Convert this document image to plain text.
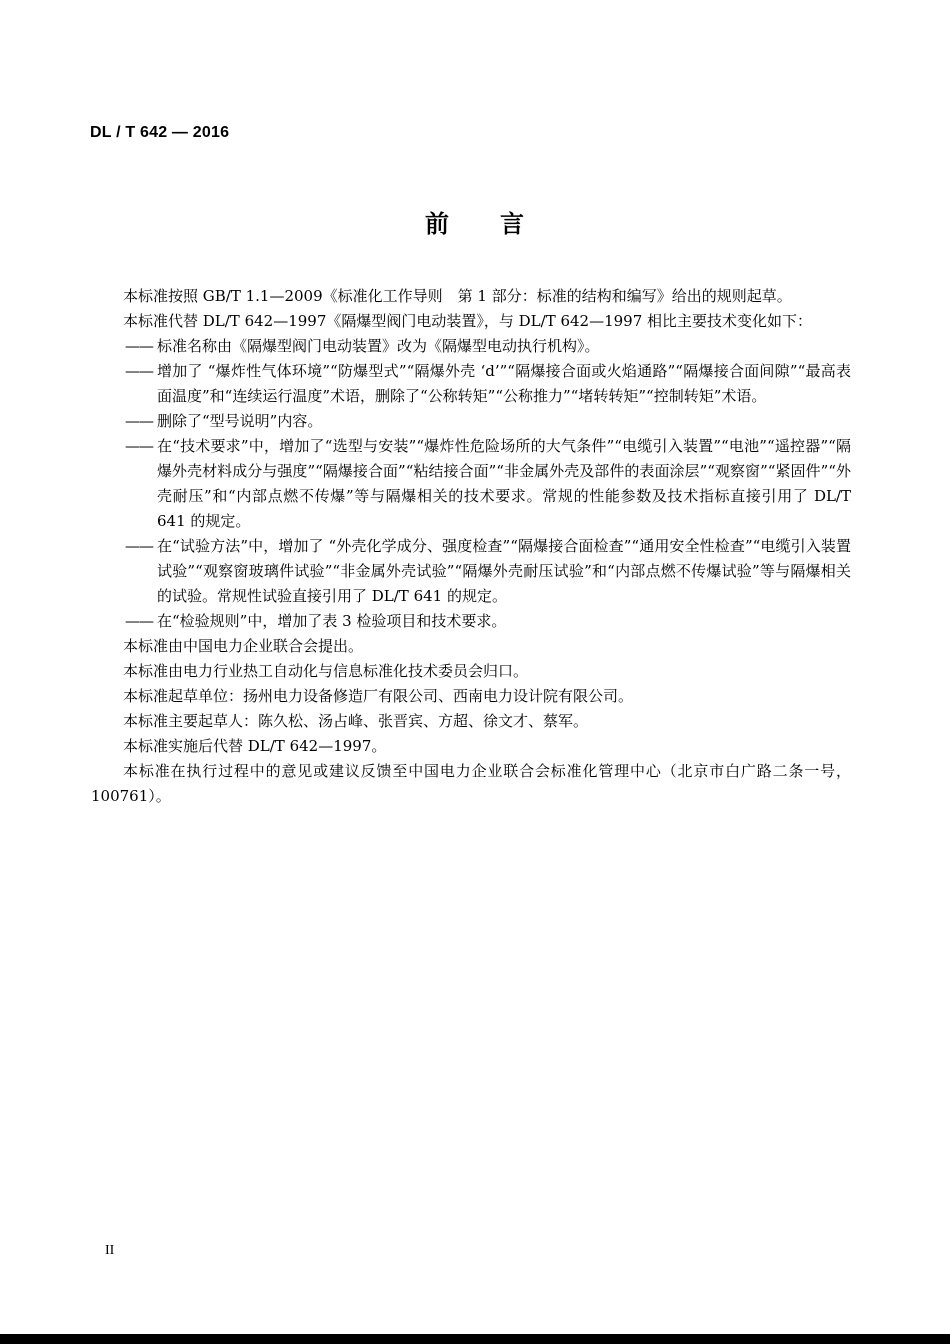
DL / T 642 — 2016
前　　言

本标准按照 GB/T 1.1—2009《标准化工作导则　第 1 部分：标准的结构和编写》给出的规则起草。

本标准代替 DL/T 642—1997《隔爆型阀门电动装置》，与 DL/T 642—1997 相比主要技术变化如下：

—— 标准名称由《隔爆型阀门电动装置》改为《隔爆型电动执行机构》。
—— 增加了 “爆炸性气体环境”“防爆型式”“隔爆外壳 ‘d’”“隔爆接合面或火焰通路”“隔爆接合面间隙”“最高表面温度”和“连续运行温度”术语，删除了“公称转矩”“公称推力”“堵转转矩”“控制转矩”术语。
—— 删除了“型号说明”内容。
—— 在“技术要求”中，增加了“选型与安装”“爆炸性危险场所的大气条件”“电缆引入装置”“电池”“遥控器”“隔爆外壳材料成分与强度”“隔爆接合面”“粘结接合面”“非金属外壳及部件的表面涂层”“观察窗”“紧固件”“外壳耐压”和“内部点燃不传爆”等与隔爆相关的技术要求。常规的性能参数及技术指标直接引用了 DL/T 641 的规定。
—— 在“试验方法”中，增加了 “外壳化学成分、强度检查”“隔爆接合面检查”“通用安全性检查”“电缆引入装置试验”“观察窗玻璃件试验”“非金属外壳试验”“隔爆外壳耐压试验”和“内部点燃不传爆试验”等与隔爆相关的试验。常规性试验直接引用了 DL/T 641 的规定。
—— 在“检验规则”中，增加了表 3 检验项目和技术要求。

本标准由中国电力企业联合会提出。

本标准由电力行业热工自动化与信息标准化技术委员会归口。

本标准起草单位：扬州电力设备修造厂有限公司、西南电力设计院有限公司。

本标准主要起草人：陈久松、汤占峰、张晋宾、方超、徐文才、蔡军。

本标准实施后代替 DL/T 642—1997。

本标准在执行过程中的意见或建议反馈至中国电力企业联合会标准化管理中心（北京市白广路二条一号，100761）。

II
